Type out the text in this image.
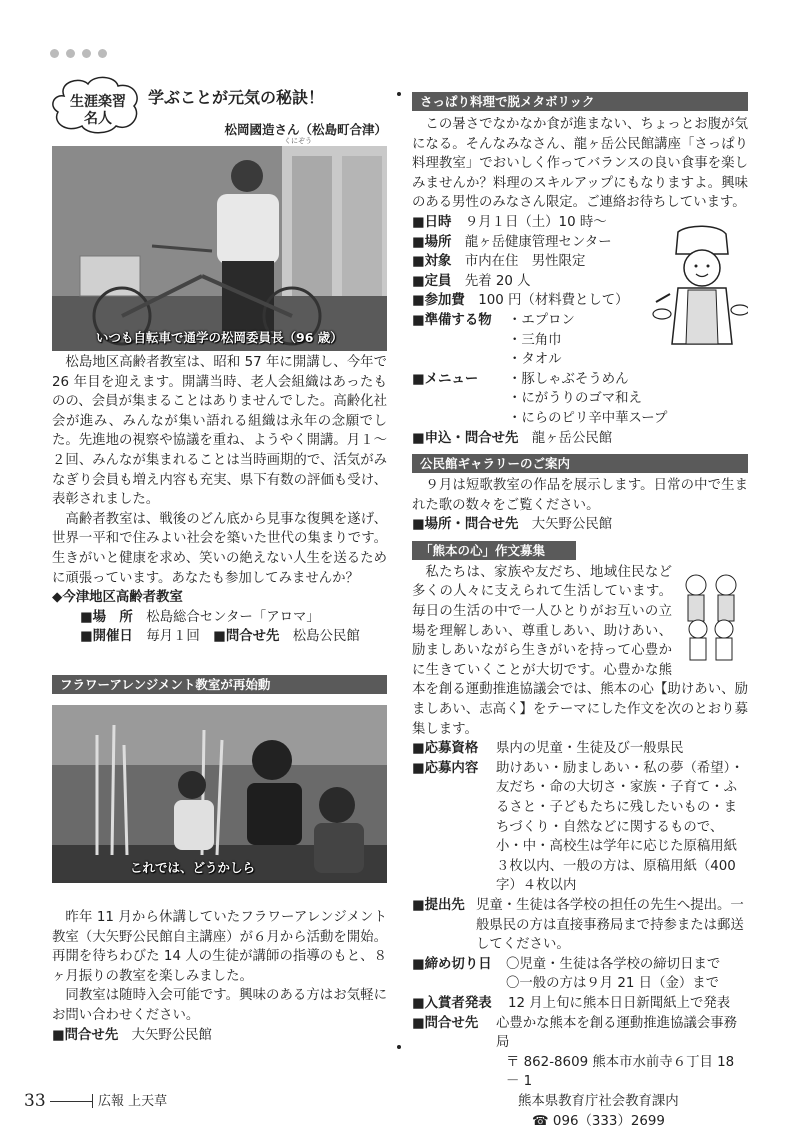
生涯楽習
名人
学ぶことが元気の秘訣！
くにぞう
松岡國造さん（松島町合津）
いつも自転車で通学の松岡委員長（96 歳）

松島地区高齢者教室は、昭和 57 年に開講し、今年で 26 年目を迎えます。開講当時、老人会組織はあったものの、会員が集まることはありませんでした。高齢化社会が進み、みんなが集い語れる組織は永年の念願でした。先進地の視察や協議を重ね、ようやく開講。月１～２回、みんなが集まれることは当時画期的で、活気がみなぎり会員も増え内容も充実、県下有数の評価も受け、表彰されました。

高齢者教室は、戦後のどん底から見事な復興を遂げ、世界一平和で住みよい社会を築いた世代の集まりです。生きがいと健康を求め、笑いの絶えない人生を送るために頑張っています。あなたも参加してみませんか？

◆今津地区高齢者教室
■場　所　 松島総合センター「アロマ」
■開催日　 毎月１回　 ■問合せ先　 松島公民館
フラワーアレンジメント教室が再始動
これでは、どうかしら

昨年 11 月から休講していたフラワーアレンジメント教室（大矢野公民館自主講座）が６月から活動を開始。再開を待ちわびた 14 人の生徒が講師の指導のもと、８ヶ月振りの教室を楽しみました。

同教室は随時入会可能です。興味のある方はお気軽にお問い合わせください。

■問合せ先　 大矢野公民館
さっぱり料理で脱メタボリック

この暑さでなかなか食が進まない、ちょっとお腹が気になる。そんなみなさん、龍ヶ岳公民館講座「さっぱり料理教室」でおいしく作ってバランスの良い食事を楽しみませんか？料理のスキルアップにもなりますよ。興味のある男性のみなさん限定。ご連絡お待ちしています。

■日時　 ９月１日（土）10 時～
■場所　 龍ヶ岳健康管理センター
■対象　 市内在住　男性限定
■定員　 先着 20 人
■参加費　 100 円（材料費として）
■準備する物	・エプロン
・三角巾
・タオル
■メニュー	・豚しゃぶそうめん
・にがうりのゴマ和え
・にらのピリ辛中華スープ
■申込・問合せ先　 龍ヶ岳公民館
公民館ギャラリーのご案内

９月は短歌教室の作品を展示します。日常の中で生まれた歌の数々をご覧ください。

■場所・問合せ先　 大矢野公民館
「熊本の心」作文募集

私たちは、家族や友だち、地域住民など多くの人々に支えられて生活しています。毎日の生活の中で一人ひとりがお互いの立場を理解しあい、尊重しあい、助けあい、励ましあいながら生きがいを持って心豊かに生きていくことが大切です。心豊かな熊本を創る運動推進協議会では、熊本の心【助けあい、励ましあい、志高く】をテーマにした作文を次のとおり募集します。

■応募資格	県内の児童・生徒及び一般県民
■応募内容	助けあい・励ましあい・私の夢（希望）・友だち・命の大切さ・家族・子育て・ふるさと・子どもたちに残したいもの・まちづくり・自然などに関するもので、小・中・高校生は学年に応じた原稿用紙３枚以内、一般の方は、原稿用紙（400 字）４枚以内
■提出先 児童・生徒は各学校の担任の先生へ提出。一般県民の方は直接事務局まで持参または郵送してください。
■締め切り日	〇児童・生徒は各学校の締切日まで
〇一般の方は９月 21 日（金）まで
■入賞者発表	12 月上旬に熊本日日新聞紙上で発表
■問合せ先	心豊かな熊本を創る運動推進協議会事務局
〒 862-8609 熊本市水前寺６丁目 18 － 1
熊本県教育庁社会教育課内
☎ 096（333）2699
33	広報 上天草
